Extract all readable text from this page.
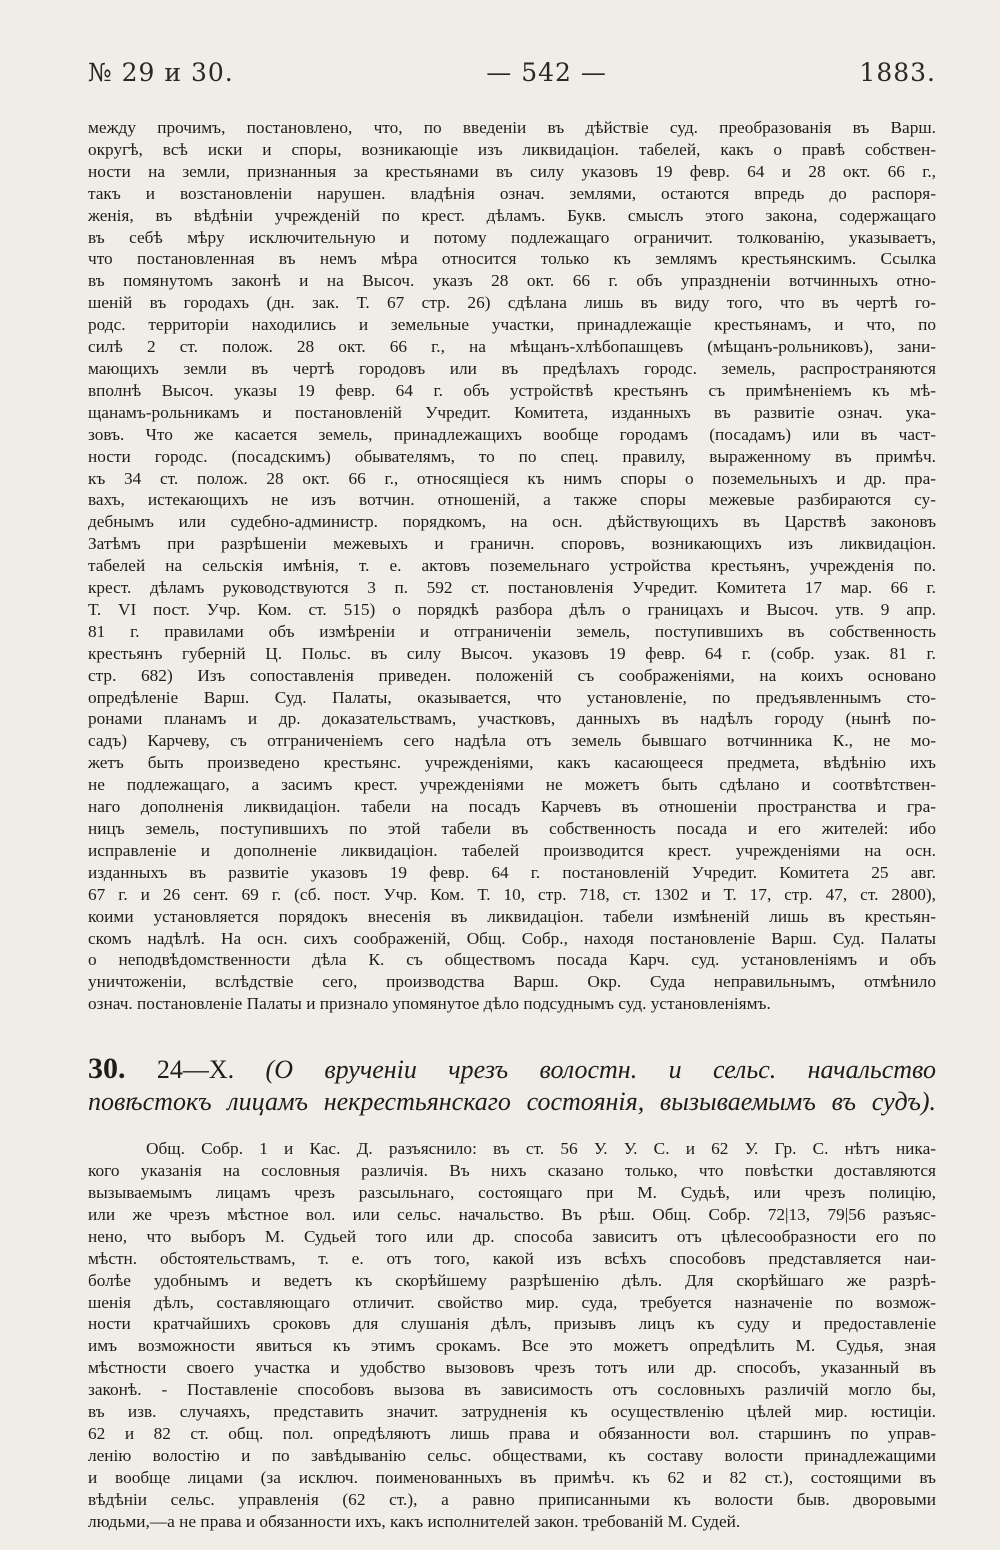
№ 29 и 30.	— 542 —	1883.
между прочимъ, постановлено, что, по введеніи въ дѣйствіе суд. преобразованія въ Варш.
округѣ, всѣ иски и споры, возникающіе изъ ликвидаціон. табелей, какъ о правѣ собствен-
ности на земли, признанныя за крестьянами въ силу указовъ 19 февр. 64 и 28 окт. 66 г.,
такъ и возстановленіи нарушен. владѣнія означ. землями, остаются впредь до распоря-
женія, въ вѣдѣніи учрежденій по крест. дѣламъ. Букв. смыслъ этого закона, содержащаго
въ себѣ мѣру исключительную и потому подлежащаго ограничит. толкованію, указываетъ,
что постановленная въ немъ мѣра относится только къ землямъ крестьянскимъ. Ссылка
въ помянутомъ законѣ и на Высоч. указъ 28 окт. 66 г. объ упраздненіи вотчинныхъ отно-
шеній въ городахъ (дн. зак. Т. 67 стр. 26) сдѣлана лишь въ виду того, что въ чертѣ го-
родс. территоріи находились и земельные участки, принадлежащіе крестьянамъ, и что, по
силѣ 2 ст. полож. 28 окт. 66 г., на мѣщанъ-хлѣбопашцевъ (мѣщанъ-рольниковъ), зани-
мающихъ земли въ чертѣ городовъ или въ предѣлахъ городс. земель, распространяются
вполнѣ Высоч. указы 19 февр. 64 г. объ устройствѣ крестьянъ съ примѣненіемъ къ мѣ-
щанамъ-рольникамъ и постановленій Учредит. Комитета, изданныхъ въ развитіе означ. ука-
зовъ. Что же касается земель, принадлежащихъ вообще городамъ (посадамъ) или въ част-
ности городс. (посадскимъ) обывателямъ, то по спец. правилу, выраженному въ примѣч.
къ 34 ст. полож. 28 окт. 66 г., относящіеся къ нимъ споры о поземельныхъ и др. пра-
вахъ, истекающихъ не изъ вотчин. отношеній, а также споры межевые разбираются су-
дебнымъ или судебно-администр. порядкомъ, на осн. дѣйствующихъ въ Царствѣ законовъ
Затѣмъ при разрѣшеніи межевыхъ и граничн. споровъ, возникающихъ изъ ликвидаціон.
табелей на сельскія имѣнія, т. е. актовъ поземельнаго устройства крестьянъ, учрежденія по.
крест. дѣламъ руководствуются 3 п. 592 ст. постановленія Учредит. Комитета 17 мар. 66 г.
Т. VI пост. Учр. Ком. ст. 515) о порядкѣ разбора дѣлъ о границахъ и Высоч. утв. 9 апр.
81 г. правилами объ измѣреніи и отграниченіи земель, поступившихъ въ собственность
крестьянъ губерній Ц. Польс. въ силу Высоч. указовъ 19 февр. 64 г. (собр. узак. 81 г.
стр. 682) Изъ сопоставленія приведен. положеній съ соображеніями, на коихъ основано
опредѣленіе Варш. Суд. Палаты, оказывается, что установленіе, по предъявленнымъ сто-
ронами планамъ и др. доказательствамъ, участковъ, данныхъ въ надѣлъ городу (нынѣ по-
садъ) Карчеву, съ отграниченіемъ сего надѣла отъ земель бывшаго вотчинника К., не мо-
жетъ быть произведено крестьянс. учрежденіями, какъ касающееся предмета, вѣдѣнію ихъ
не подлежащаго, а засимъ крест. учрежденіями не можетъ быть сдѣлано и соотвѣтствен-
наго дополненія ликвидаціон. табели на посадъ Карчевъ въ отношеніи пространства и гра-
ницъ земель, поступившихъ по этой табели въ собственность посада и его жителей: ибо
исправленіе и дополненіе ликвидаціон. табелей производится крест. учрежденіями на осн.
изданныхъ въ развитіе указовъ 19 февр. 64 г. постановленій Учредит. Комитета 25 авг.
67 г. и 26 сент. 69 г. (сб. пост. Учр. Ком. Т. 10, стр. 718, ст. 1302 и Т. 17, стр. 47, ст. 2800),
коими установляется порядокъ внесенія въ ликвидаціон. табели измѣненій лишь въ крестьян-
скомъ надѣлѣ. На осн. сихъ соображеній, Общ. Собр., находя постановленіе Варш. Суд. Палаты
о неподвѣдомственности дѣла К. съ обществомъ посада Карч. суд. установленіямъ и объ
уничтоженіи, вслѣдствіе сего, производства Варш. Окр. Суда неправильнымъ, отмѣнило
означ. постановленіе Палаты и признало упомянутое дѣло подсуднымъ суд. установленіямъ.
30. 24—X. (О врученіи чрезъ волостн. и сельс. начальство
повѣстокъ лицамъ некрестьянскаго состоянія, вызываемымъ въ судъ).
Общ. Собр. 1 и Кас. Д. разъяснило: въ ст. 56 У. У. С. и 62 У. Гр. С. нѣтъ ника-
кого указанія на сословныя различія. Въ нихъ сказано только, что повѣстки доставляются
вызываемымъ лицамъ чрезъ разсыльнаго, состоящаго при М. Судьѣ, или чрезъ полицію,
или же чрезъ мѣстное вол. или сельс. начальство. Въ рѣш. Общ. Собр. 72|13, 79|56 разъяс-
нено, что выборъ М. Судьей того или др. способа зависитъ отъ цѣлесообразности его по
мѣстн. обстоятельствамъ, т. е. отъ того, какой изъ всѣхъ способовъ представляется наи-
болѣе удобнымъ и ведетъ къ скорѣйшему разрѣшенію дѣлъ. Для скорѣйшаго же разрѣ-
шенія дѣлъ, составляющаго отличит. свойство мир. суда, требуется назначеніе по возмож-
ности кратчайшихъ сроковъ для слушанія дѣлъ, призывъ лицъ къ суду и предоставленіе
имъ возможности явиться къ этимъ срокамъ. Все это можетъ опредѣлить М. Судья, зная
мѣстности своего участка и удобство вызововъ чрезъ тотъ или др. способъ, указанный въ
законѣ. - Поставленіе способовъ вызова въ зависимость отъ сословныхъ различій могло бы,
въ изв. случаяхъ, представить значит. затрудненія къ осуществленію цѣлей мир. юстиціи.
62 и 82 ст. общ. пол. опредѣляютъ лишь права и обязанности вол. старшинъ по управ-
ленію волостію и по завѣдыванію сельс. обществами, къ составу волости принадлежащими
и вообще лицами (за исключ. поименованныхъ въ примѣч. къ 62 и 82 ст.), состоящими въ
вѣдѣніи сельс. управленія (62 ст.), а равно приписанными къ волости быв. дворовыми
людьми,—а не права и обязанности ихъ, какъ исполнителей закон. требованій М. Судей.
